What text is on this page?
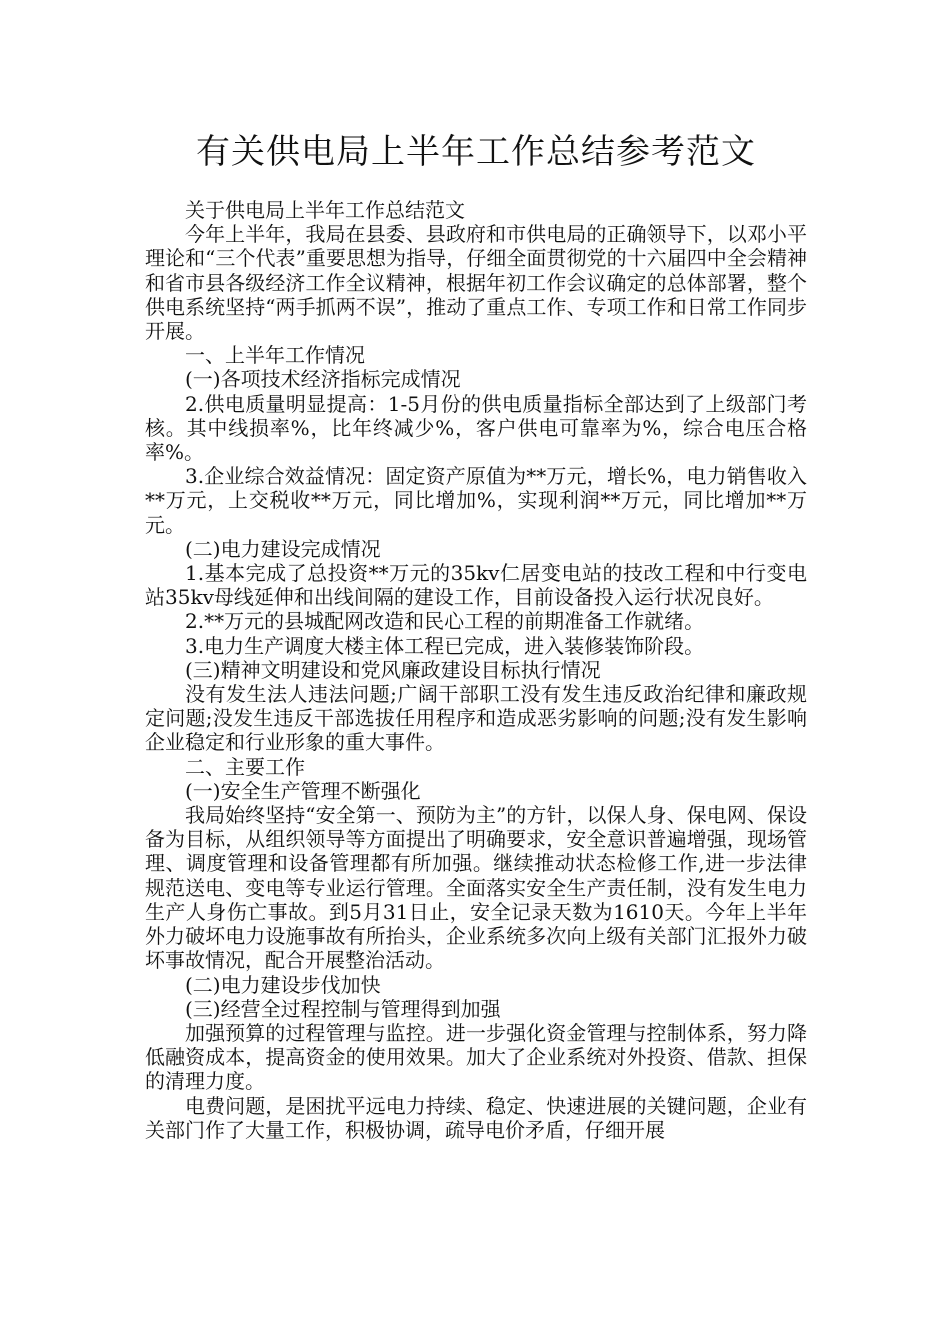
有关供电局上半年工作总结参考范文

关于供电局上半年工作总结范文

今年上半年，我局在县委、县政府和市供电局的正确领导下，以邓小平理论和“三个代表”重要思想为指导，仔细全面贯彻党的十六届四中全会精神和省市县各级经济工作全议精神，根据年初工作会议确定的总体部署，整个供电系统坚持“两手抓两不误”，推动了重点工作、专项工作和日常工作同步开展。

一、上半年工作情况

(一)各项技术经济指标完成情况

2.供电质量明显提高：1-5月份的供电质量指标全部达到了上级部门考核。其中线损率%，比年终减少%，客户供电可靠率为%，综合电压合格率%。

3.企业综合效益情况：固定资产原值为**万元，增长%，电力销售收入**万元，上交税收**万元，同比增加%，实现利润**万元，同比增加**万元。

(二)电力建设完成情况

1.基本完成了总投资**万元的35kv仁居变电站的技改工程和中行变电站35kv母线延伸和出线间隔的建设工作，目前设备投入运行状况良好。

2.**万元的县城配网改造和民心工程的前期准备工作就绪。

3.电力生产调度大楼主体工程已完成，进入装修装饰阶段。

(三)精神文明建设和党风廉政建设目标执行情况

没有发生法人违法问题;广阔干部职工没有发生违反政治纪律和廉政规定问题;没发生违反干部选拔任用程序和造成恶劣影响的问题;没有发生影响企业稳定和行业形象的重大事件。

二、主要工作

(一)安全生产管理不断强化

我局始终坚持“安全第一、预防为主”的方针，以保人身、保电网、保设备为目标，从组织领导等方面提出了明确要求，安全意识普遍增强，现场管理、调度管理和设备管理都有所加强。继续推动状态检修工作,进一步法律规范送电、变电等专业运行管理。全面落实安全生产责任制，没有发生电力生产人身伤亡事故。到5月31日止，安全记录天数为1610天。今年上半年外力破坏电力设施事故有所抬头，企业系统多次向上级有关部门汇报外力破坏事故情况，配合开展整治活动。

(二)电力建设步伐加快

(三)经营全过程控制与管理得到加强

加强预算的过程管理与监控。进一步强化资金管理与控制体系，努力降低融资成本，提高资金的使用效果。加大了企业系统对外投资、借款、担保的清理力度。

电费问题，是困扰平远电力持续、稳定、快速进展的关键问题，企业有关部门作了大量工作，积极协调，疏导电价矛盾，仔细开展
